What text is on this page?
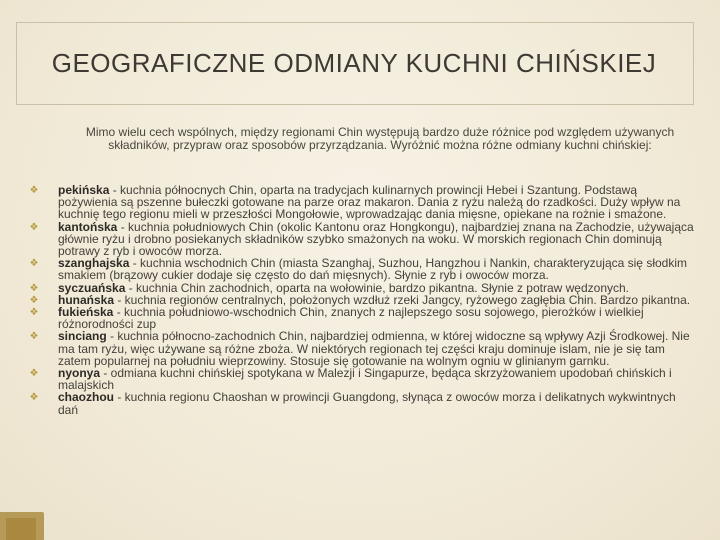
GEOGRAFICZNE ODMIANY KUCHNI CHIŃSKIEJ
Mimo wielu cech wspólnych, między regionami Chin występują bardzo duże różnice pod względem używanych składników, przypraw oraz sposobów przyrządzania. Wyróżnić można różne odmiany kuchni chińskiej:
❖ pekińska - kuchnia północnych Chin, oparta na tradycjach kulinarnych prowincji Hebei i Szantung. Podstawą pożywienia są pszenne bułeczki gotowane na parze oraz makaron. Dania z ryżu należą do rzadkości. Duży wpływ na kuchnię tego regionu mieli w przeszłości Mongołowie, wprowadzając dania mięsne, opiekane na rożnie i smażone.
❖ kantońska - kuchnia południowych Chin (okolic Kantonu oraz Hongkongu), najbardziej znana na Zachodzie, używająca głównie ryżu i drobno posiekanych składników szybko smażonych na woku. W morskich regionach Chin dominują potrawy z ryb i owoców morza.
❖ szanghajska - kuchnia wschodnich Chin (miasta Szanghaj, Suzhou, Hangzhou i Nankin, charakteryzująca się słodkim smakiem (brązowy cukier dodaje się często do dań mięsnych). Słynie z ryb i owoców morza.
❖ syczuańska - kuchnia Chin zachodnich, oparta na wołowinie, bardzo pikantna. Słynie z potraw wędzonych.
❖ hunańska - kuchnia regionów centralnych, położonych wzdłuż rzeki Jangcy, ryżowego zagłębia Chin. Bardzo pikantna.
❖ fukieńska - kuchnia południowo-wschodnich Chin, znanych z najlepszego sosu sojowego, pierożków i wielkiej różnorodności zup
❖ sinciang - kuchnia północno-zachodnich Chin, najbardziej odmienna, w której widoczne są wpływy Azji Środkowej. Nie ma tam ryżu, więc używane są różne zboża. W niektórych regionach tej części kraju dominuje islam, nie je się tam zatem popularnej na południu wieprzowiny. Stosuje się gotowanie na wolnym ogniu w glinianym garnku.
❖ nyonya - odmiana kuchni chińskiej spotykana w Malezji i Singapurze, będąca skrzyżowaniem upodobań chińskich i malajskich
❖ chaozhou - kuchnia regionu Chaoshan w prowincji Guangdong, słynąca z owoców morza i delikatnych wykwintnych dań
